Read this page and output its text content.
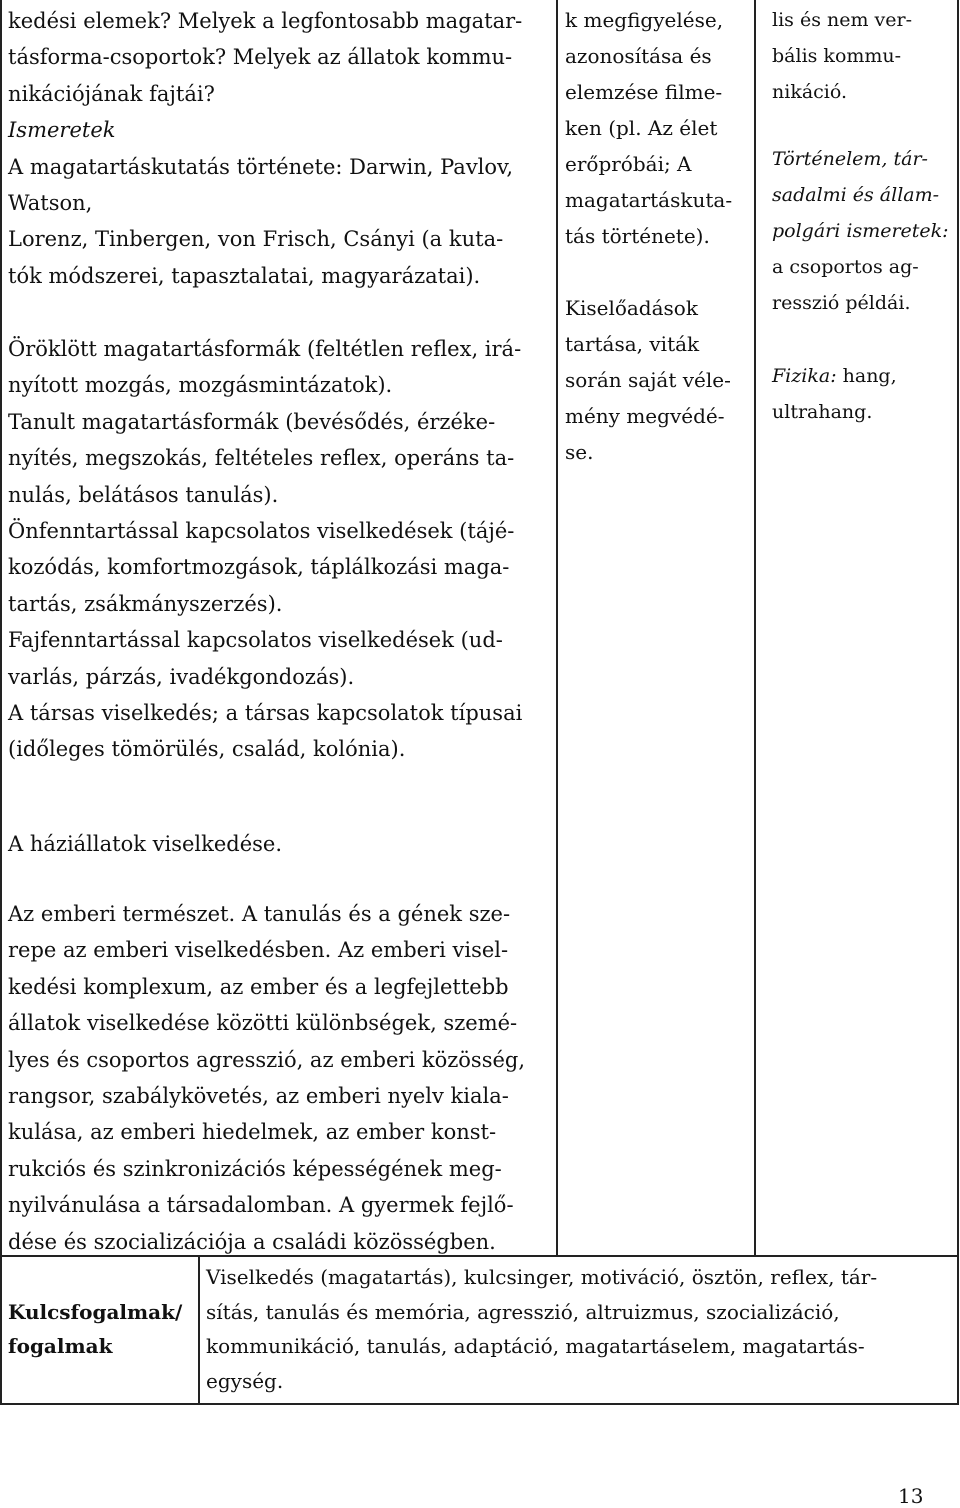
kedési elemek? Melyek a legfontosabb magatar-
tásforma-csoportok? Melyek az állatok kommu-
nikációjának fajtái?
Ismeretek
A magatartáskutatás története: Darwin, Pavlov,
Watson,
Lorenz, Tinbergen, von Frisch, Csányi (a kuta-
tók módszerei, tapasztalatai, magyarázatai).
Öröklött magatartásformák (feltétlen reflex, irá-
nyított mozgás, mozgásmintázatok).
Tanult magatartásformák (bevésődés, érzéke-
nyítés, megszokás, feltételes reflex, operáns ta-
nulás, belátásos tanulás).
Önfenntartással kapcsolatos viselkedések (tájé-
kozódás, komfortmozgások, táplálkozási maga-
tartás, zsákmányszerzés).
Fajfenntartással kapcsolatos viselkedések (ud-
varlás, párzás, ivadékgondozás).
A társas viselkedés; a társas kapcsolatok típusai
(időleges tömörülés, család, kolónia).
A háziállatok viselkedése.
Az emberi természet. A tanulás és a gének sze-
repe az emberi viselkedésben. Az emberi visel-
kedési komplexum, az ember és a legfejlettebb
állatok viselkedése közötti különbségek, szemé-
lyes és csoportos agresszió, az emberi közösség,
rangsor, szabálykövetés, az emberi nyelv kiala-
kulása, az emberi hiedelmek, az ember konst-
rukciós és szinkronizációs képességének meg-
nyilvánulása a társadalomban. A gyermek fejlő-
dése és szocializációja a családi közösségben.
k megfigyelése,
azonosítása és
elemzése filme-
ken (pl. Az élet
erőpróbái; A
magatartáskuta-
tás története).
Kiselőadások
tartása, viták
során saját véle-
mény megvédé-
se.
lis és nem ver-
bális kommu-
nikáció.
Történelem, tár-
sadalmi és állam-
polgári ismeretek:
a csoportos ag-
resszió példái.
Fizika: hang,
ultrahang.
Kulcsfogalmak/
fogalmak
Viselkedés (magatartás), kulcsinger, motiváció, ösztön, reflex, tár-
sítás, tanulás és memória, agresszió, altruizmus, szocializáció,
kommunikáció, tanulás, adaptáció, magatartáselem, magatartás-
egység.
13
